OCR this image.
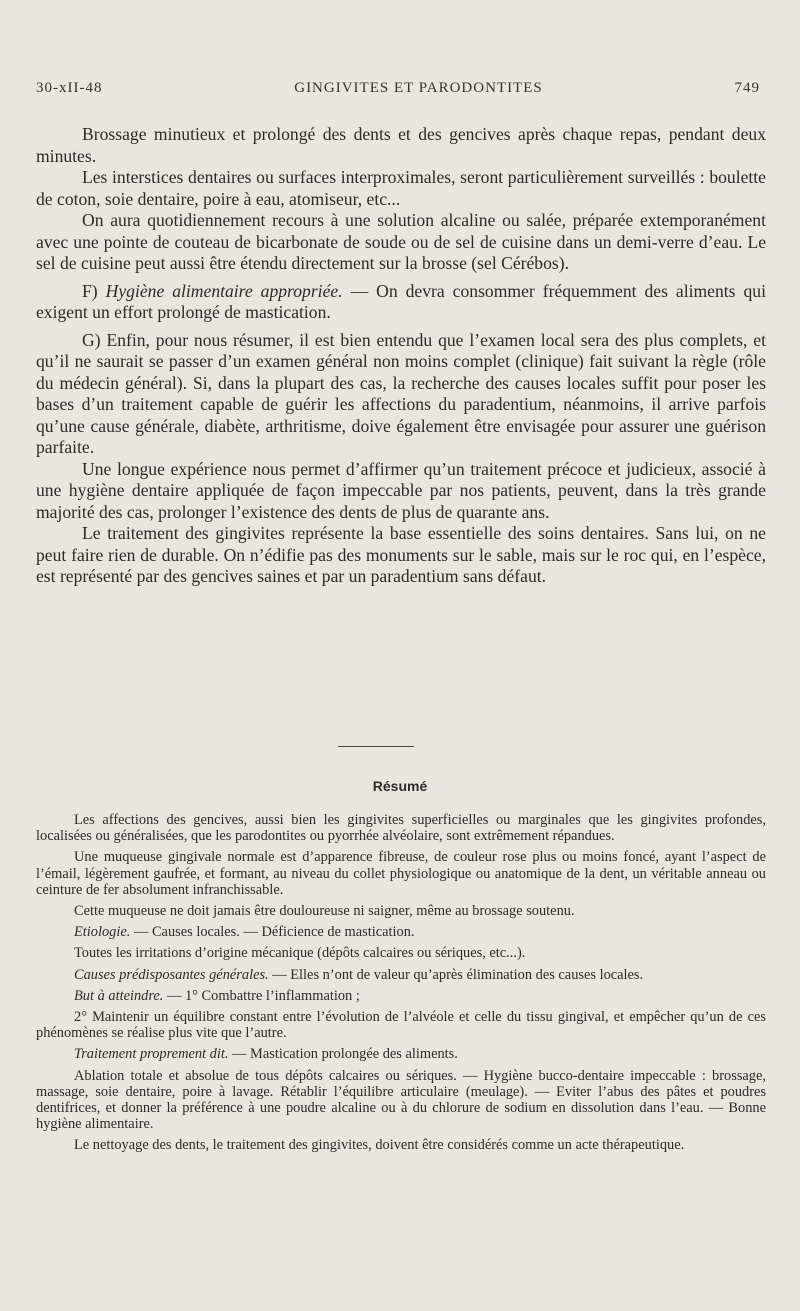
30-xII-48	GINGIVITES ET PARODONTITES	749

Brossage minutieux et prolongé des dents et des gencives après chaque repas, pendant deux minutes.

Les interstices dentaires ou surfaces interproximales, seront particulièrement surveillés : boulette de coton, soie dentaire, poire à eau, atomiseur, etc...

On aura quotidiennement recours à une solution alcaline ou salée, préparée extemporanément avec une pointe de couteau de bicarbonate de soude ou de sel de cuisine dans un demi-verre d’eau. Le sel de cuisine peut aussi être étendu directement sur la brosse (sel Cérébos).

F) Hygiène alimentaire appropriée. — On devra consommer fréquemment des aliments qui exigent un effort prolongé de mastication.

G) Enfin, pour nous résumer, il est bien entendu que l’examen local sera des plus complets, et qu’il ne saurait se passer d’un examen général non moins complet (clinique) fait suivant la règle (rôle du médecin général). Si, dans la plupart des cas, la recherche des causes locales suffit pour poser les bases d’un traitement capable de guérir les affections du paradentium, néanmoins, il arrive parfois qu’une cause générale, diabète, arthritisme, doive également être envisagée pour assurer une guérison parfaite.

Une longue expérience nous permet d’affirmer qu’un traitement précoce et judicieux, associé à une hygiène dentaire appliquée de façon impeccable par nos patients, peuvent, dans la très grande majorité des cas, prolonger l’existence des dents de plus de quarante ans.

Le traitement des gingivites représente la base essentielle des soins dentaires. Sans lui, on ne peut faire rien de durable. On n’édifie pas des monuments sur le sable, mais sur le roc qui, en l’espèce, est représenté par des gencives saines et par un paradentium sans défaut.

Résumé

Les affections des gencives, aussi bien les gingivites superficielles ou marginales que les gingivites profondes, localisées ou généralisées, que les parodontites ou pyorrhée alvéolaire, sont extrêmement répandues.

Une muqueuse gingivale normale est d’apparence fibreuse, de couleur rose plus ou moins foncé, ayant l’aspect de l’émail, légèrement gaufrée, et formant, au niveau du collet physiologique ou anatomique de la dent, un véritable anneau ou ceinture de fer absolument infranchissable.

Cette muqueuse ne doit jamais être douloureuse ni saigner, même au brossage soutenu.

Etiologie. — Causes locales. — Déficience de mastication.

Toutes les irritations d’origine mécanique (dépôts calcaires ou sériques, etc...).

Causes prédisposantes générales. — Elles n’ont de valeur qu’après élimination des causes locales.

But à atteindre. — 1° Combattre l’inflammation ;

2° Maintenir un équilibre constant entre l’évolution de l’alvéole et celle du tissu gingival, et empêcher qu’un de ces phénomènes se réalise plus vite que l’autre.

Traitement proprement dit. — Mastication prolongée des aliments.

Ablation totale et absolue de tous dépôts calcaires ou sériques. — Hygiène bucco-dentaire impeccable : brossage, massage, soie dentaire, poire à lavage. Rétablir l’équilibre articulaire (meulage). — Eviter l’abus des pâtes et poudres dentifrices, et donner la préférence à une poudre alcaline ou à du chlorure de sodium en dissolution dans l’eau. — Bonne hygiène alimentaire.

Le nettoyage des dents, le traitement des gingivites, doivent être considérés comme un acte thérapeutique.
